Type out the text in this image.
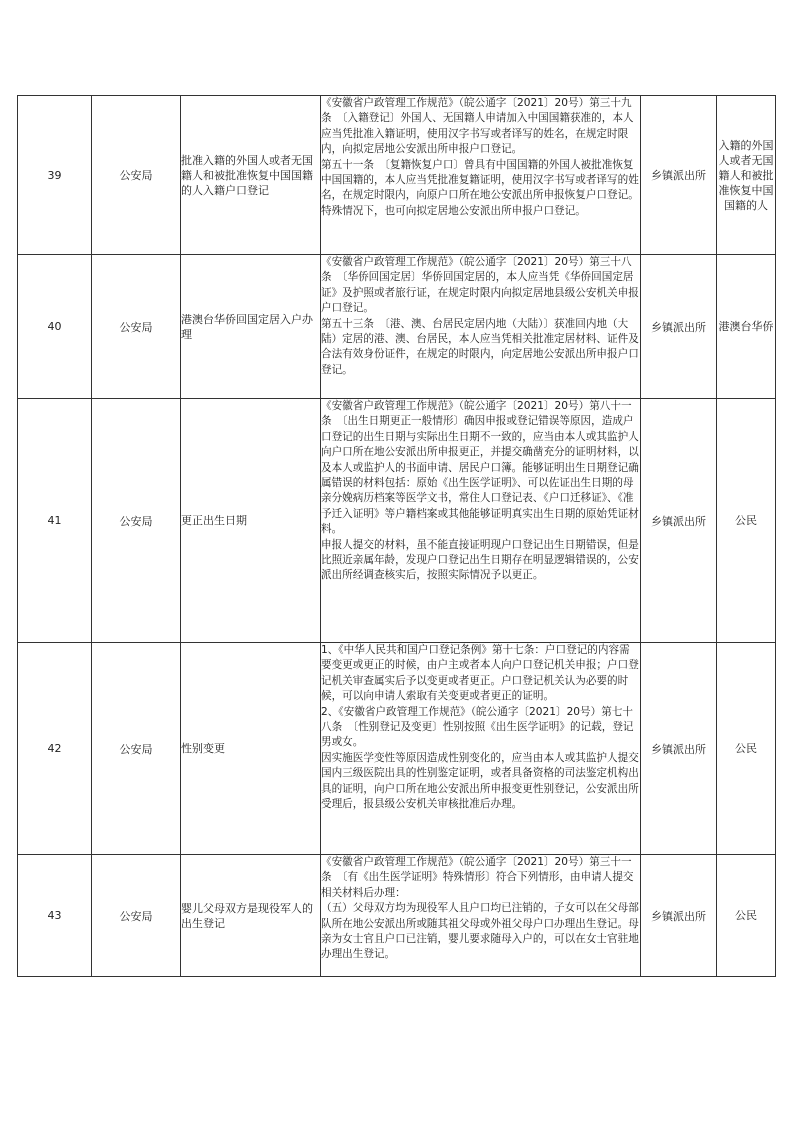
39	公安局	批准入籍的外国人或者无国籍人和被批准恢复中国国籍的人入籍户口登记	《安徽省户政管理工作规范》（皖公通字〔2021〕20号）第三十九条　〔入籍登记〕外国人、无国籍人申请加入中国国籍获准的，本人应当凭批准入籍证明，使用汉字书写或者译写的姓名，在规定时限内，向拟定居地公安派出所申报户口登记。
第五十一条　〔复籍恢复户口〕曾具有中国国籍的外国人被批准恢复中国国籍的，本人应当凭批准复籍证明，使用汉字书写或者译写的姓名，在规定时限内，向原户口所在地公安派出所申报恢复户口登记。特殊情况下，也可向拟定居地公安派出所申报户口登记。	乡镇派出所	入籍的外国人或者无国籍人和被批准恢复中国国籍的人
40	公安局	港澳台华侨回国定居入户办理	《安徽省户政管理工作规范》（皖公通字〔2021〕20号）第三十八条　〔华侨回国定居〕华侨回国定居的，本人应当凭《华侨回国定居证》及护照或者旅行证，在规定时限内向拟定居地县级公安机关申报户口登记。
第五十三条　〔港、澳、台居民定居内地（大陆）〕获准回内地（大陆）定居的港、澳、台居民，本人应当凭相关批准定居材料、证件及合法有效身份证件，在规定的时限内，向定居地公安派出所申报户口登记。	乡镇派出所	港澳台华侨
41	公安局	更正出生日期	《安徽省户政管理工作规范》（皖公通字〔2021〕20号）第八十一条　〔出生日期更正一般情形〕确因申报或登记错误等原因，造成户口登记的出生日期与实际出生日期不一致的，应当由本人或其监护人向户口所在地公安派出所申报更正，并提交确凿充分的证明材料，以及本人或监护人的书面申请、居民户口簿。能够证明出生日期登记确属错误的材料包括：原始《出生医学证明》、可以佐证出生日期的母亲分娩病历档案等医学文书，常住人口登记表、《户口迁移证》、《准予迁入证明》等户籍档案或其他能够证明真实出生日期的原始凭证材料。
申报人提交的材料，虽不能直接证明现户口登记出生日期错误，但是比照近亲属年龄，发现户口登记出生日期存在明显逻辑错误的，公安派出所经调查核实后，按照实际情况予以更正。	乡镇派出所	公民
42	公安局	性别变更	1、《中华人民共和国户口登记条例》第十七条：户口登记的内容需要变更或更正的时候，由户主或者本人向户口登记机关申报；户口登记机关审查属实后予以变更或者更正。户口登记机关认为必要的时候，可以向申请人索取有关变更或者更正的证明。
2、《安徽省户政管理工作规范》（皖公通字〔2021〕20号）第七十八条　〔性别登记及变更〕性别按照《出生医学证明》的记载，登记男或女。
因实施医学变性等原因造成性别变化的，应当由本人或其监护人提交国内三级医院出具的性别鉴定证明，或者具备资格的司法鉴定机构出具的证明，向户口所在地公安派出所申报变更性别登记，公安派出所受理后，报县级公安机关审核批准后办理。	乡镇派出所	公民
43	公安局	婴儿父母双方是现役军人的出生登记	《安徽省户政管理工作规范》（皖公通字〔2021〕20号）第三十一条　〔有《出生医学证明》特殊情形〕符合下列情形，由申请人提交相关材料后办理：
（五）父母双方均为现役军人且户口均已注销的，子女可以在父母部队所在地公安派出所或随其祖父母或外祖父母户口办理出生登记。母亲为女士官且户口已注销，婴儿要求随母入户的，可以在女士官驻地办理出生登记。	乡镇派出所	公民
